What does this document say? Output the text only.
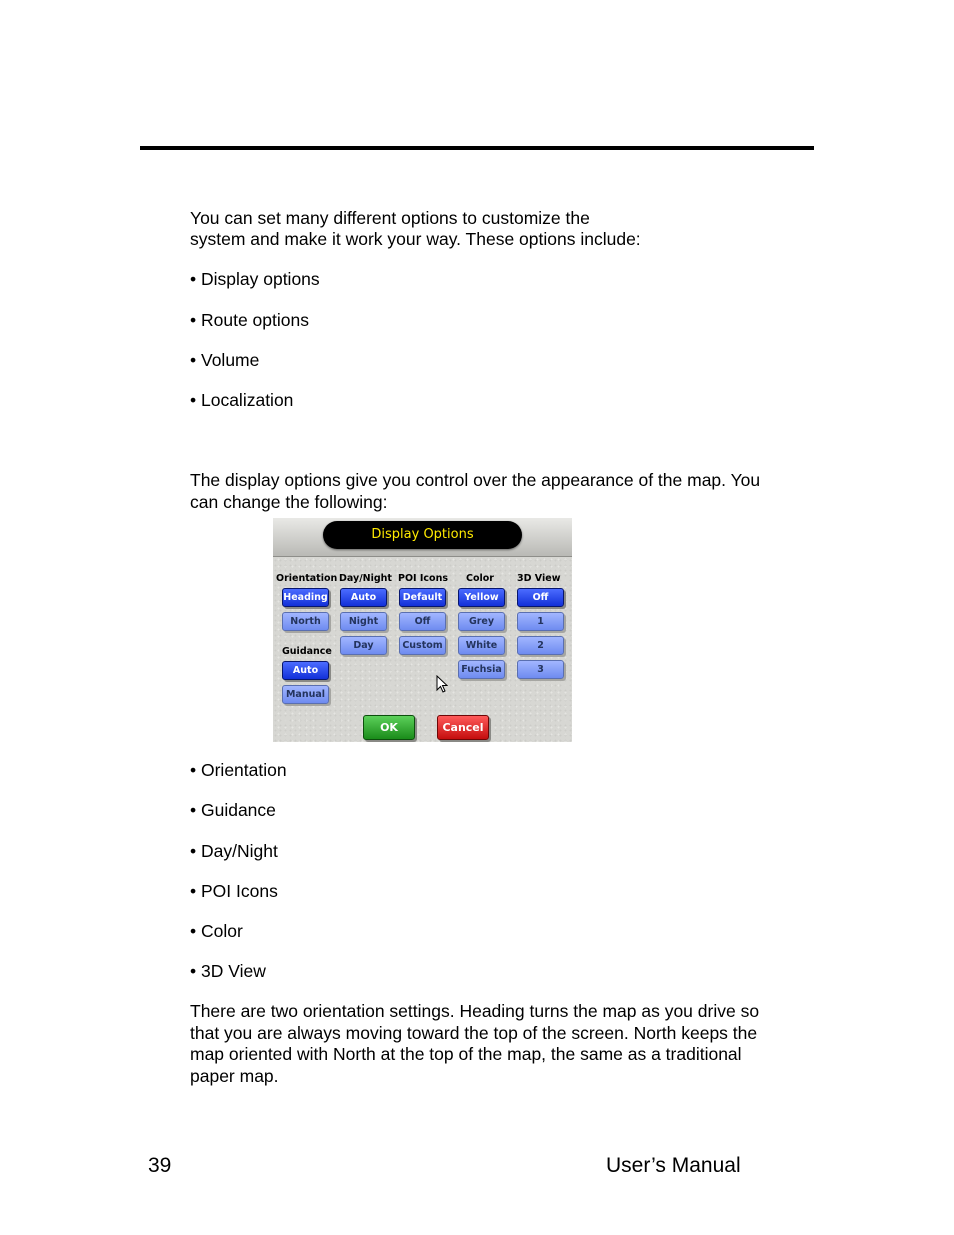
You can set many different options to customize the
system and make it work your way. These options include:
• Display options
• Route options
• Volume
• Localization
The display options give you control over the appearance of the map. You
can change the following:
Display Options
Orientation Day/Night POI Icons Color 3D View
Guidance
Heading
North
Auto
Night
Day
Default
Off
Custom
Yellow
Grey
White
Fuchsia
Off
1
2
3
Auto
Manual
OK	Cancel
• Orientation
• Guidance
• Day/Night
• POI Icons
• Color
• 3D View
There are two orientation settings. Heading turns the map as you drive so
that you are always moving toward the top of the screen. North keeps the
map oriented with North at the top of the map, the same as a traditional
paper map.
39	User’s Manual
